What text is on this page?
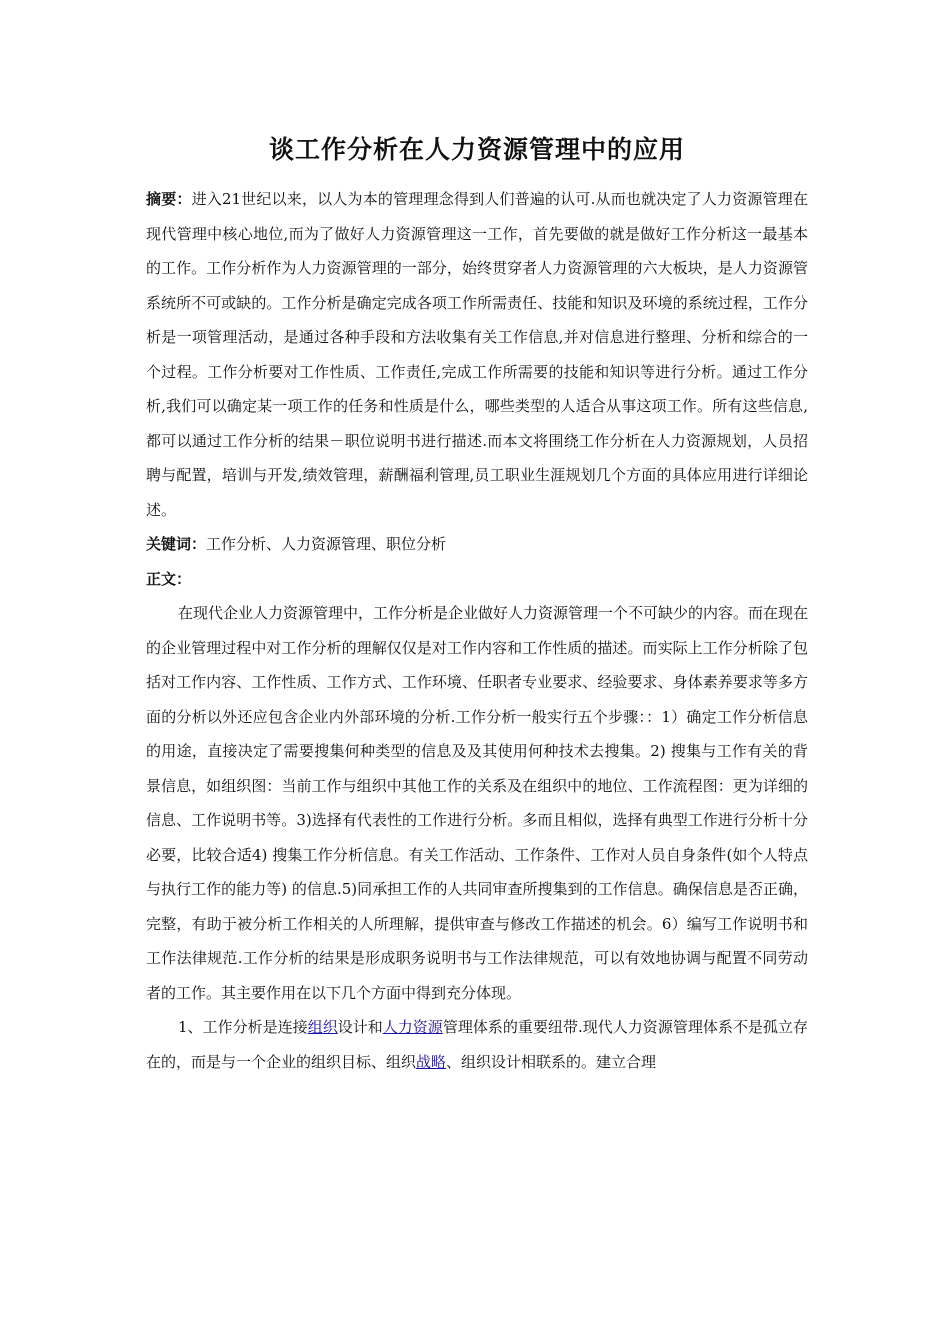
谈工作分析在人力资源管理中的应用

摘要：进入21世纪以来，以人为本的管理理念得到人们普遍的认可.从而也就决定了人力资源管理在现代管理中核心地位,而为了做好人力资源管理这一工作，首先要做的就是做好工作分析这一最基本的工作。工作分析作为人力资源管理的一部分，始终贯穿者人力资源管理的六大板块，是人力资源管系统所不可或缺的。工作分析是确定完成各项工作所需责任、技能和知识及环境的系统过程，工作分析是一项管理活动，是通过各种手段和方法收集有关工作信息,并对信息进行整理、分析和综合的一个过程。工作分析要对工作性质、工作责任,完成工作所需要的技能和知识等进行分析。通过工作分析,我们可以确定某一项工作的任务和性质是什么，哪些类型的人适合从事这项工作。所有这些信息,都可以通过工作分析的结果－职位说明书进行描述.而本文将围绕工作分析在人力资源规划，人员招聘与配置，培训与开发,绩效管理，薪酬福利管理,员工职业生涯规划几个方面的具体应用进行详细论述。

关键词：工作分析、人力资源管理、职位分析

正文：

在现代企业人力资源管理中，工作分析是企业做好人力资源管理一个不可缺少的内容。而在现在的企业管理过程中对工作分析的理解仅仅是对工作内容和工作性质的描述。而实际上工作分析除了包括对工作内容、工作性质、工作方式、工作环境、任职者专业要求、经验要求、身体素养要求等多方面的分析以外还应包含企业内外部环境的分析.工作分析一般实行五个步骤：：1）确定工作分析信息的用途，直接决定了需要搜集何种类型的信息及及其使用何种技术去搜集。2) 搜集与工作有关的背景信息，如组织图：当前工作与组织中其他工作的关系及在组织中的地位、工作流程图：更为详细的信息、工作说明书等。3)选择有代表性的工作进行分析。多而且相似，选择有典型工作进行分析十分必要，比较合适4) 搜集工作分析信息。有关工作活动、工作条件、工作对人员自身条件(如个人特点与执行工作的能力等) 的信息.5)同承担工作的人共同审查所搜集到的工作信息。确保信息是否正确，完整，有助于被分析工作相关的人所理解，提供审查与修改工作描述的机会。6）编写工作说明书和工作法律规范.工作分析的结果是形成职务说明书与工作法律规范，可以有效地协调与配置不同劳动者的工作。其主要作用在以下几个方面中得到充分体现。

1、工作分析是连接组织设计和人力资源管理体系的重要纽带.现代人力资源管理体系不是孤立存在的，而是与一个企业的组织目标、组织战略、组织设计相联系的。建立合理
